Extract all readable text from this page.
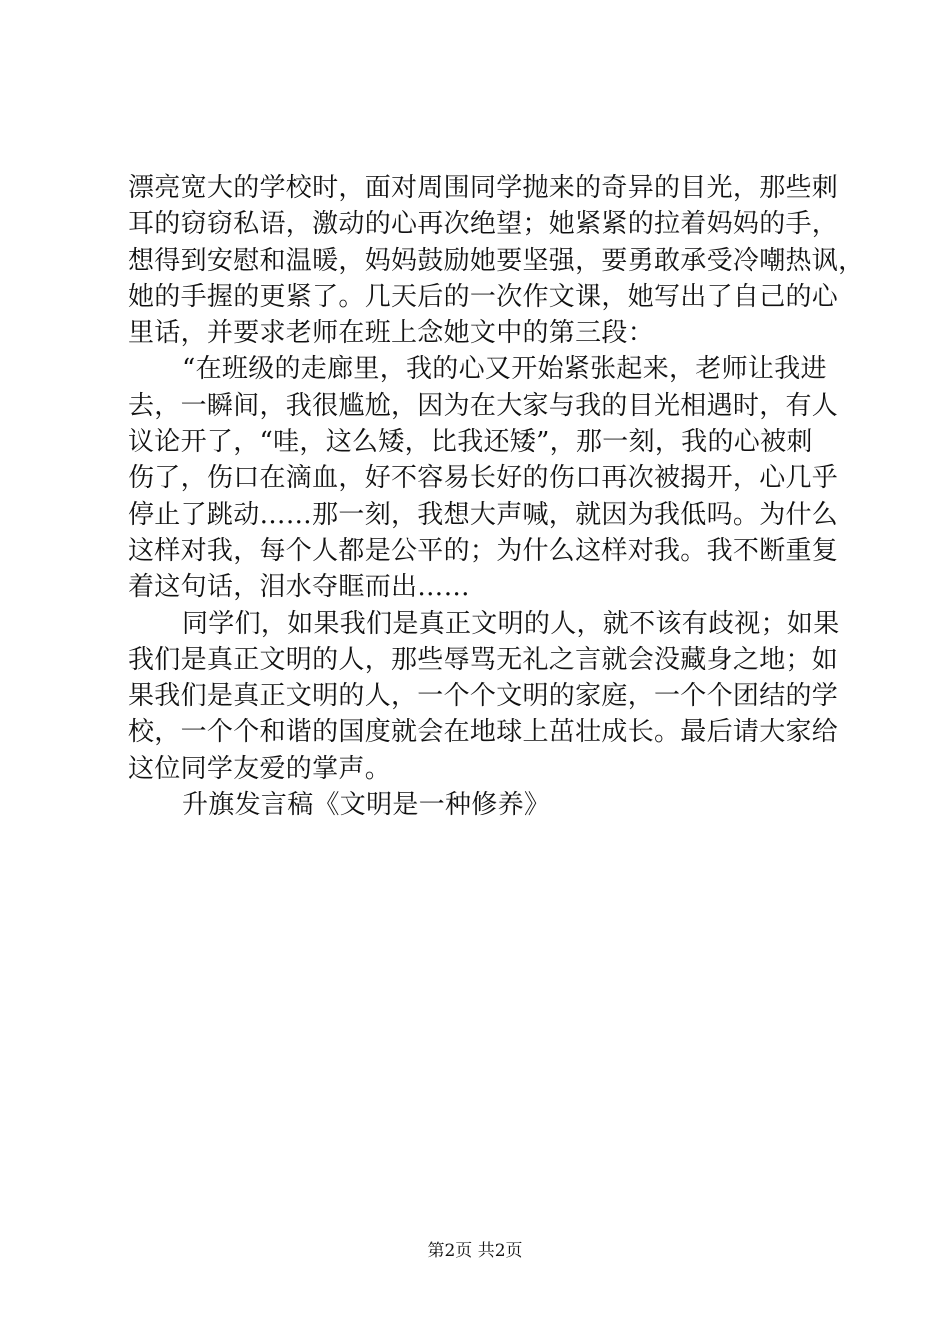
漂亮宽大的学校时，面对周围同学抛来的奇异的目光，那些刺
耳的窃窃私语，激动的心再次绝望；她紧紧的拉着妈妈的手，
想得到安慰和温暖，妈妈鼓励她要坚强，要勇敢承受冷嘲热讽，
她的手握的更紧了。几天后的一次作文课，她写出了自己的心
里话，并要求老师在班上念她文中的第三段：
“在班级的走廊里，我的心又开始紧张起来，老师让我进
去，一瞬间，我很尴尬，因为在大家与我的目光相遇时，有人
议论开了，“哇，这么矮，比我还矮”，那一刻，我的心被刺
伤了，伤口在滴血，好不容易长好的伤口再次被揭开，心几乎
停止了跳动……那一刻，我想大声喊，就因为我低吗。为什么
这样对我，每个人都是公平的；为什么这样对我。我不断重复
着这句话，泪水夺眶而出……
同学们，如果我们是真正文明的人，就不该有歧视；如果
我们是真正文明的人，那些辱骂无礼之言就会没藏身之地；如
果我们是真正文明的人，一个个文明的家庭，一个个团结的学
校，一个个和谐的国度就会在地球上茁壮成长。最后请大家给
这位同学友爱的掌声。
升旗发言稿《文明是一种修养》
第2页 共2页
